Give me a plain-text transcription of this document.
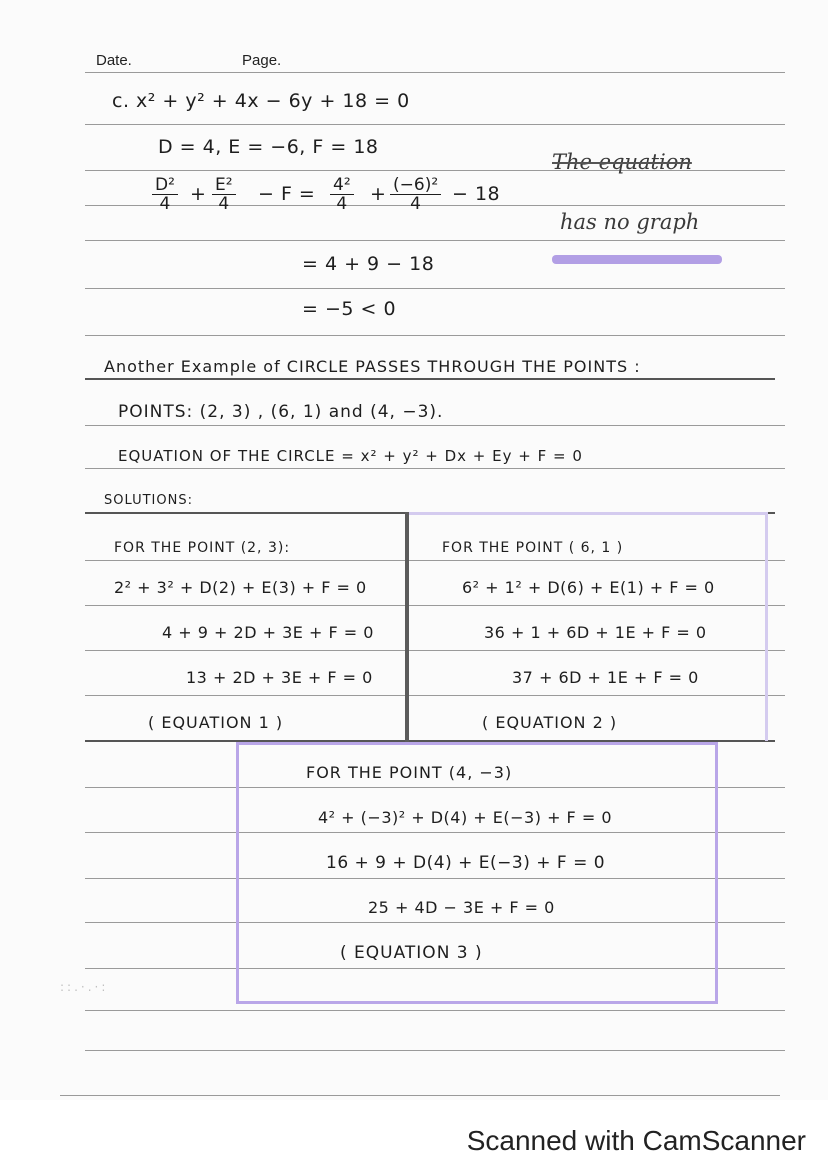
Date.	Page.
c. x² + y² + 4x − 6y + 18 = 0
D = 4, E = −6, F = 18
$\frac{\text{D²}}{4} + \frac{\text{E²}}{4} - F = \frac{\text{4²}}{4} + \frac{\text{(−6)²}}{4} - 18$
= 4 + 9 − 18
= −5 < 0
The equation
has no graph
Another Example of CIRCLE PASSES THROUGH THE POINTS :
POINTS: (2, 3) , (6, 1) and (4, −3).
EQUATION OF THE CIRCLE = x² + y² + Dx + Ey + F = 0
SOLUTIONS:
FOR THE POINT (2, 3):
2² + 3² + D(2) + E(3) + F = 0
4 + 9 + 2D + 3E + F = 0
13 + 2D + 3E + F = 0
( EQUATION 1 )
FOR THE POINT ( 6, 1 )
6² + 1² + D(6) + E(1) + F = 0
36 + 1 + 6D + 1E + F = 0
37 + 6D + 1E + F = 0
( EQUATION 2 )
FOR THE POINT (4, −3)
4² + (−3)² + D(4) + E(−3) + F = 0
16 + 9 + D(4) + E(−3) + F = 0
25 + 4D − 3E + F = 0
( EQUATION 3 )
::.·.·:
Scanned with CamScanner
